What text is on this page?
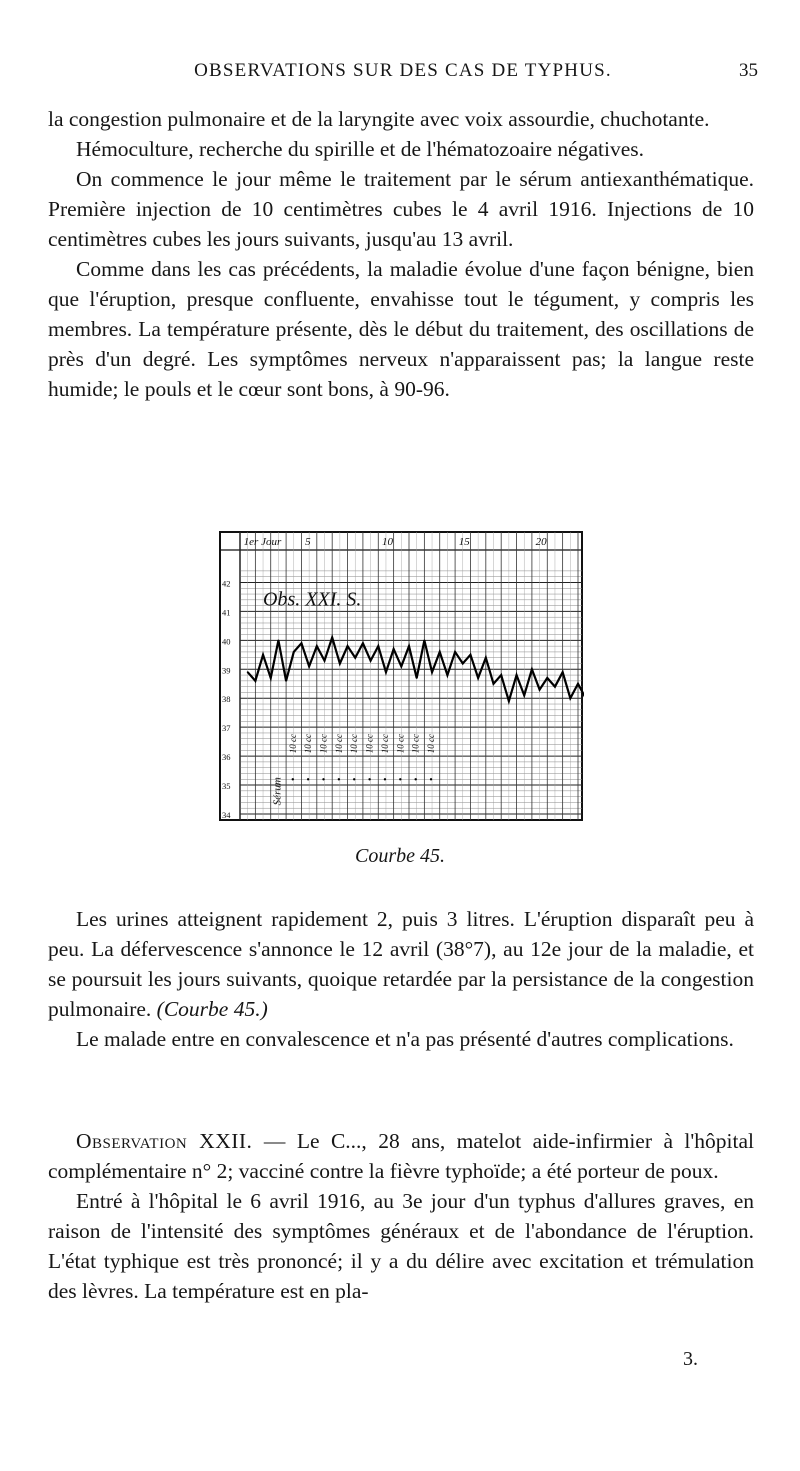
OBSERVATIONS SUR DES CAS DE TYPHUS.	35

la congestion pulmonaire et de la laryngite avec voix assourdie, chuchotante.

Hémoculture, recherche du spirille et de l'hématozoaire négatives.

On commence le jour même le traitement par le sérum antiexanthématique. Première injection de 10 centimètres cubes le 4 avril 1916. Injections de 10 centimètres cubes les jours suivants, jusqu'au 13 avril.

Comme dans les cas précédents, la maladie évolue d'une façon bénigne, bien que l'éruption, presque confluente, envahisse tout le tégument, y compris les membres. La température présente, dès le début du traitement, des oscillations de près d'un degré. Les symptômes nerveux n'apparaissent pas; la langue reste humide; le pouls et le cœur sont bons, à 90-96.

42
41
40
39
38
37
36
35
34
1er Jour 5	10	15	20
Obs. XXI. S.
Sérum
10 cc 10 cc 10 cc 10 cc 10 cc 10 cc 10 cc 10 cc 10 cc 10 cc
Courbe 45.

Les urines atteignent rapidement 2, puis 3 litres. L'éruption disparaît peu à peu. La défervescence s'annonce le 12 avril (38°7), au 12e jour de la maladie, et se poursuit les jours suivants, quoique retardée par la persistance de la congestion pulmonaire. (Courbe 45.)

Le malade entre en convalescence et n'a pas présenté d'autres complications.

Observation XXII. — Le C..., 28 ans, matelot aide-infirmier à l'hôpital complémentaire n° 2; vacciné contre la fièvre typhoïde; a été porteur de poux.

Entré à l'hôpital le 6 avril 1916, au 3e jour d'un typhus d'allures graves, en raison de l'intensité des symptômes généraux et de l'abondance de l'éruption. L'état typhique est très prononcé; il y a du délire avec excitation et trémulation des lèvres. La température est en pla-

3.
